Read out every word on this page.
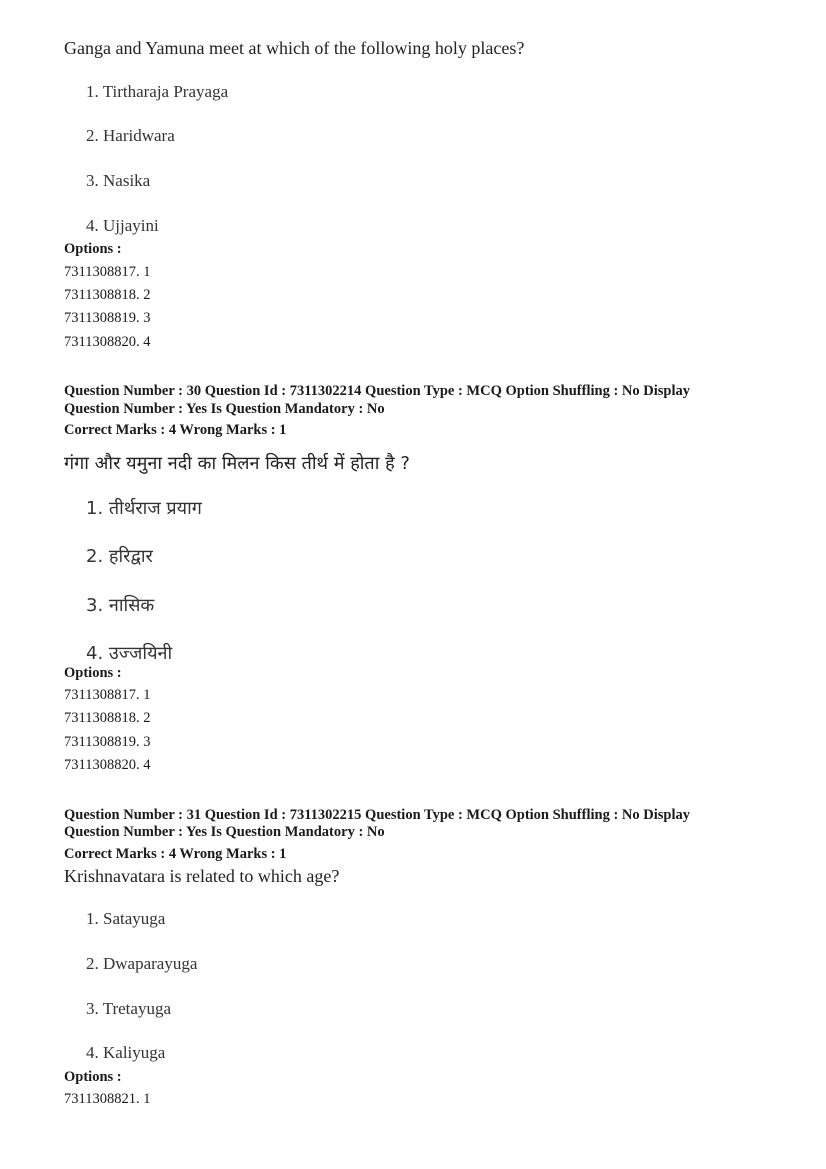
Ganga and Yamuna meet at which of the following holy places?
1. Tirtharaja Prayaga
2. Haridwara
3. Nasika
4. Ujjayini
Options :
7311308817. 1
7311308818. 2
7311308819. 3
7311308820. 4
Question Number : 30 Question Id : 7311302214 Question Type : MCQ Option Shuffling : No Display
Question Number : Yes Is Question Mandatory : No
Correct Marks : 4 Wrong Marks : 1
गंगा और यमुना नदी का मिलन किस तीर्थ में होता है ?
1. तीर्थराज प्रयाग
2. हरिद्वार
3. नासिक
4. उज्जयिनी
Options :
7311308817. 1
7311308818. 2
7311308819. 3
7311308820. 4
Question Number : 31 Question Id : 7311302215 Question Type : MCQ Option Shuffling : No Display
Question Number : Yes Is Question Mandatory : No
Correct Marks : 4 Wrong Marks : 1
Krishnavatara is related to which age?
1. Satayuga
2. Dwaparayuga
3. Tretayuga
4. Kaliyuga
Options :
7311308821. 1
